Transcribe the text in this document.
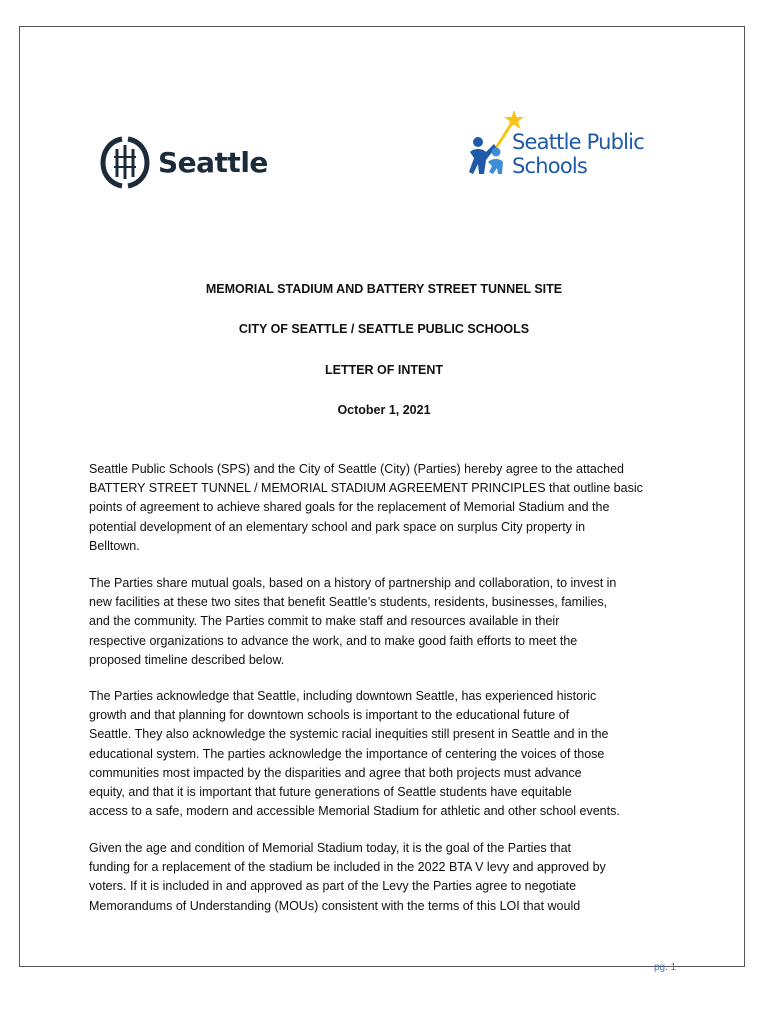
Seattle
Seattle Public
Schools
MEMORIAL STADIUM AND BATTERY STREET TUNNEL SITE
CITY OF SEATTLE / SEATTLE PUBLIC SCHOOLS
LETTER OF INTENT
October 1, 2021
Seattle Public Schools (SPS) and the City of Seattle (City) (Parties) hereby agree to the attached
BATTERY STREET TUNNEL / MEMORIAL STADIUM AGREEMENT PRINCIPLES that outline basic
points of agreement to achieve shared goals for the replacement of Memorial Stadium and the
potential development of an elementary school and park space on surplus City property in
Belltown.
The Parties share mutual goals, based on a history of partnership and collaboration, to invest in
new facilities at these two sites that benefit Seattle’s students, residents, businesses, families,
and the community. The Parties commit to make staff and resources available in their
respective organizations to advance the work, and to make good faith efforts to meet the
proposed timeline described below.
The Parties acknowledge that Seattle, including downtown Seattle, has experienced historic
growth and that planning for downtown schools is important to the educational future of
Seattle. They also acknowledge the systemic racial inequities still present in Seattle and in the
educational system. The parties acknowledge the importance of centering the voices of those
communities most impacted by the disparities and agree that both projects must advance
equity, and that it is important that future generations of Seattle students have equitable
access to a safe, modern and accessible Memorial Stadium for athletic and other school events.
Given the age and condition of Memorial Stadium today, it is the goal of the Parties that
funding for a replacement of the stadium be included in the 2022 BTA V levy and approved by
voters. If it is included in and approved as part of the Levy the Parties agree to negotiate
Memorandums of Understanding (MOUs) consistent with the terms of this LOI that would
pg. 1
